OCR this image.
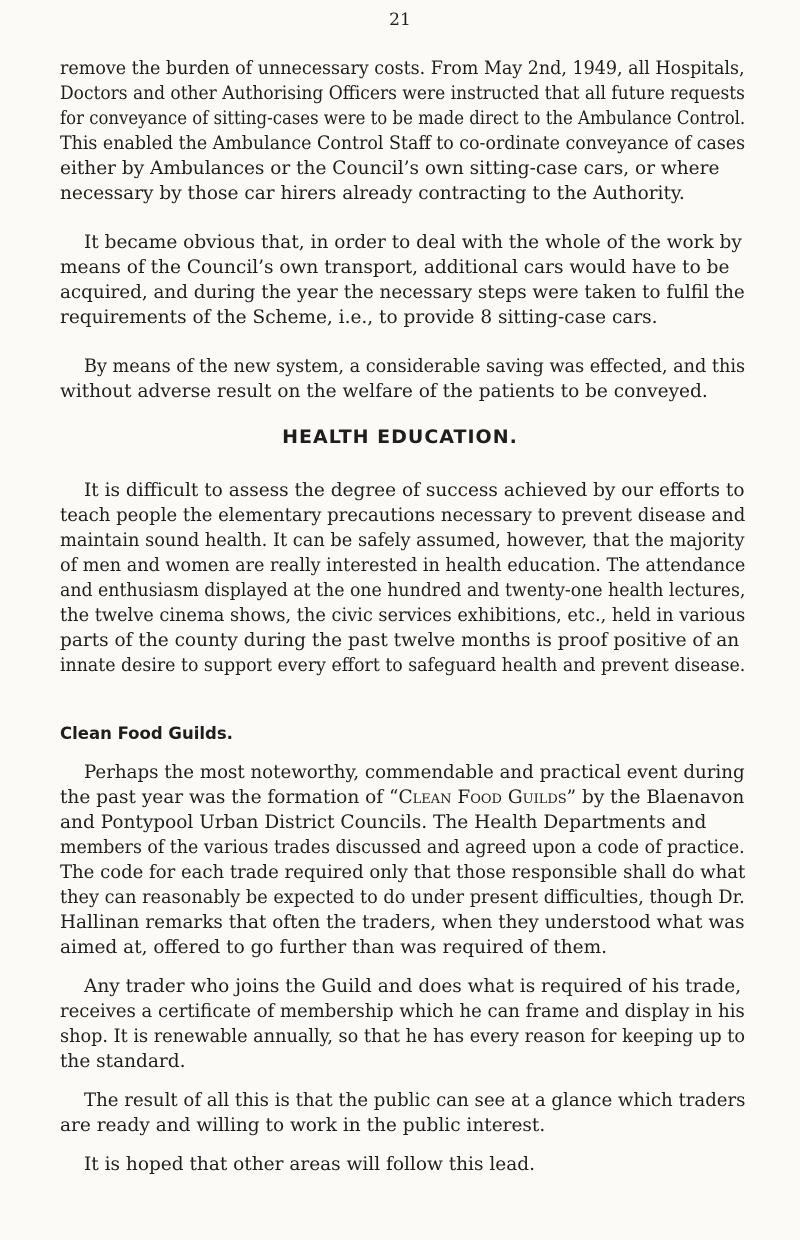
21
remove the burden of unnecessary costs. From May 2nd, 1949, all Hospitals,
Doctors and other Authorising Officers were instructed that all future requests
for conveyance of sitting-cases were to be made direct to the Ambulance Control.
This enabled the Ambulance Control Staff to co-ordinate conveyance of cases
either by Ambulances or the Council’s own sitting-case cars, or where
necessary by those car hirers already contracting to the Authority.
It became obvious that, in order to deal with the whole of the work by
means of the Council’s own transport, additional cars would have to be
acquired, and during the year the necessary steps were taken to fulfil the
requirements of the Scheme, i.e., to provide 8 sitting-case cars.
By means of the new system, a considerable saving was effected, and this
without adverse result on the welfare of the patients to be conveyed.
HEALTH EDUCATION.
It is difficult to assess the degree of success achieved by our efforts to
teach people the elementary precautions necessary to prevent disease and
maintain sound health. It can be safely assumed, however, that the majority
of men and women are really interested in health education. The attendance
and enthusiasm displayed at the one hundred and twenty-one health lectures,
the twelve cinema shows, the civic services exhibitions, etc., held in various
parts of the county during the past twelve months is proof positive of an
innate desire to support every effort to safeguard health and prevent disease.
Clean Food Guilds.
Perhaps the most noteworthy, commendable and practical event during
the past year was the formation of “Clean Food Guilds” by the Blaenavon
and Pontypool Urban District Councils. The Health Departments and
members of the various trades discussed and agreed upon a code of practice.
The code for each trade required only that those responsible shall do what
they can reasonably be expected to do under present difficulties, though Dr.
Hallinan remarks that often the traders, when they understood what was
aimed at, offered to go further than was required of them.
Any trader who joins the Guild and does what is required of his trade,
receives a certificate of membership which he can frame and display in his
shop. It is renewable annually, so that he has every reason for keeping up to
the standard.
The result of all this is that the public can see at a glance which traders
are ready and willing to work in the public interest.
It is hoped that other areas will follow this lead.
